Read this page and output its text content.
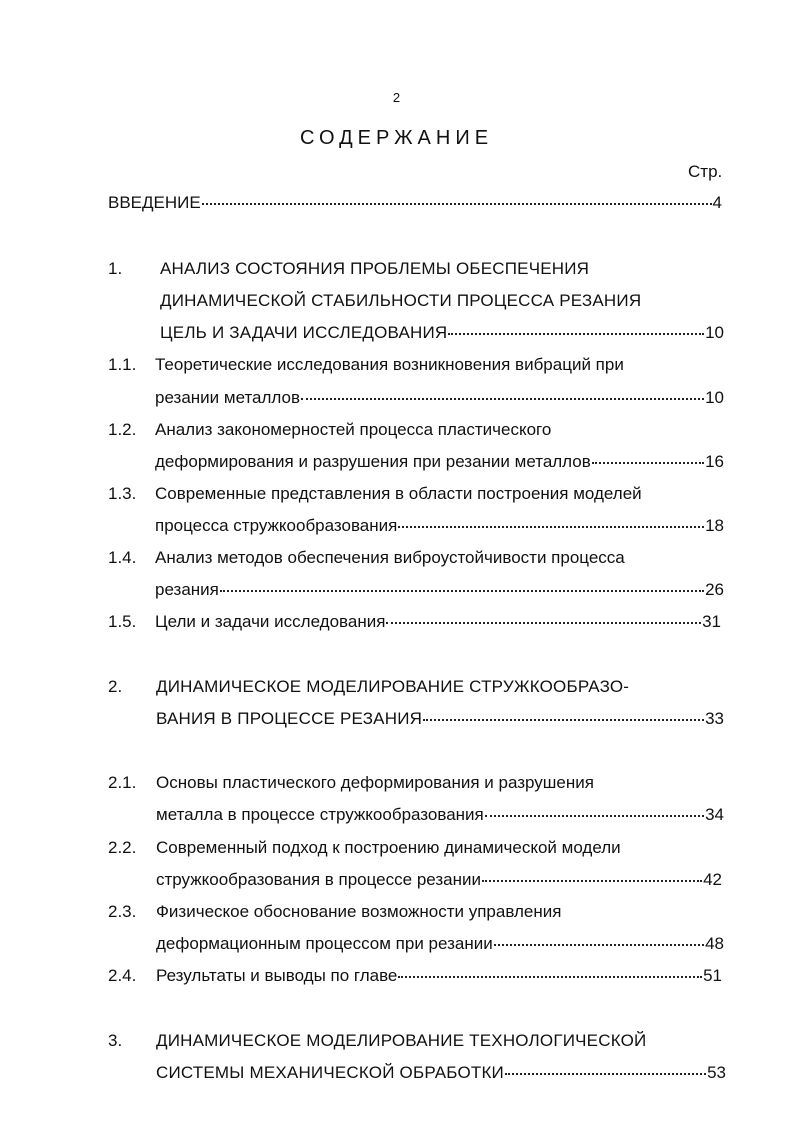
2
СОДЕРЖАНИЕ
Стр.
ВВЕДЕНИЕ	4
1. АНАЛИЗ СОСТОЯНИЯ ПРОБЛЕМЫ ОБЕСПЕЧЕНИЯ
ДИНАМИЧЕСКОЙ СТАБИЛЬНОСТИ ПРОЦЕССА РЕЗАНИЯ
ЦЕЛЬ И ЗАДАЧИ ИССЛЕДОВАНИЯ	10
1.1. Теоретические исследования возникновения вибраций при
резании металлов	10
1.2. Анализ закономерностей процесса пластического
деформирования и разрушения при резании металлов	16
1.3. Современные представления в области построения моделей
процесса стружкообразования	18
1.4. Анализ методов обеспечения виброустойчивости процесса
резания	26
1.5. Цели и задачи исследования	31
2. ДИНАМИЧЕСКОЕ МОДЕЛИРОВАНИЕ СТРУЖКООБРАЗО-
ВАНИЯ В ПРОЦЕССЕ РЕЗАНИЯ	33
2.1. Основы пластического деформирования и разрушения
металла в процессе стружкообразования	34
2.2. Современный подход к построению динамической модели
стружкообразования в процессе резании	42
2.3. Физическое обоснование возможности управления
деформационным процессом при резании	48
2.4. Результаты и выводы по главе	51
3. ДИНАМИЧЕСКОЕ МОДЕЛИРОВАНИЕ ТЕХНОЛОГИЧЕСКОЙ
СИСТЕМЫ МЕХАНИЧЕСКОЙ ОБРАБОТКИ	53
